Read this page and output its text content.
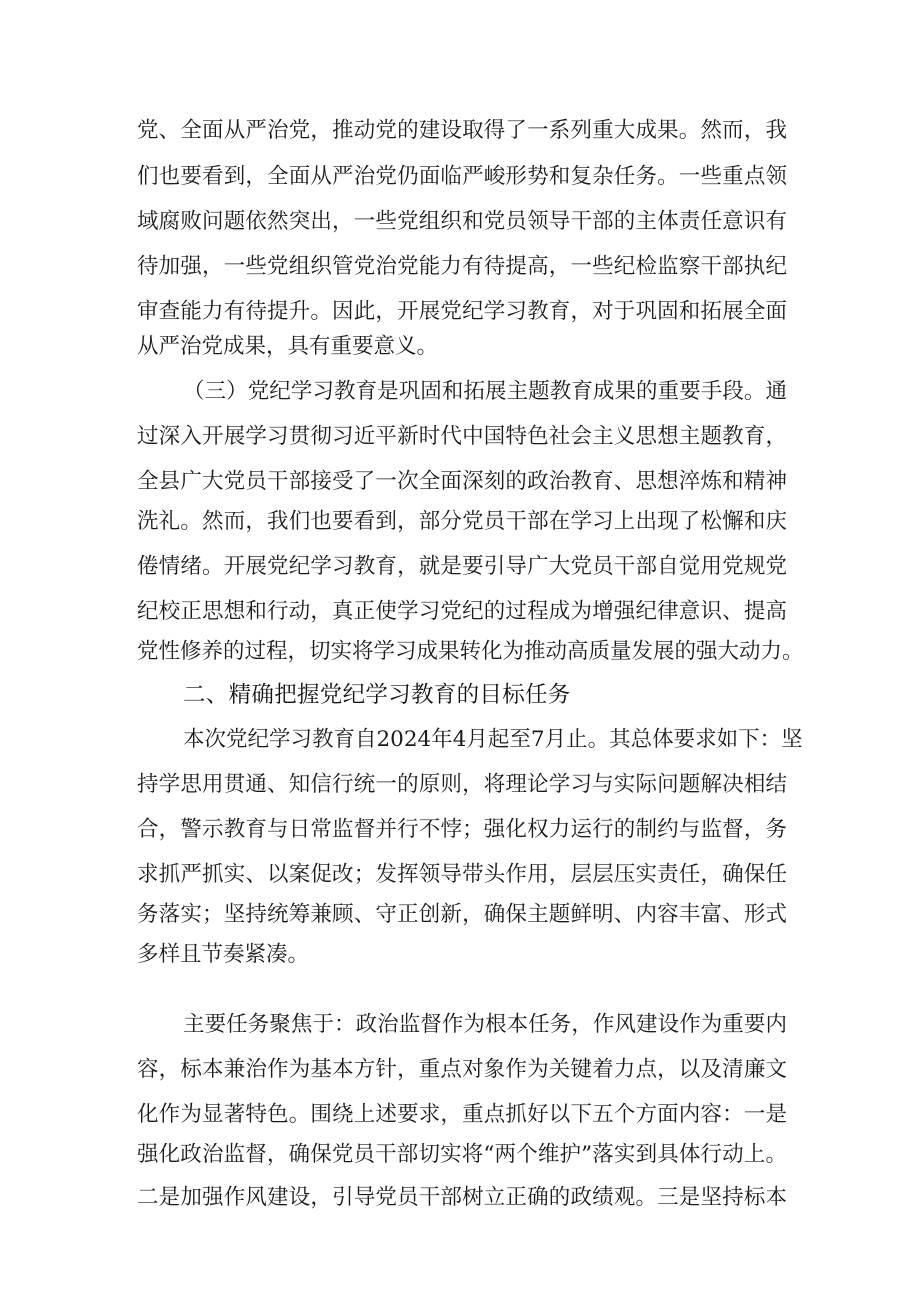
党、全面从严治党，推动党的建设取得了一系列重大成果。然而，我
们也要看到，全面从严治党仍面临严峻形势和复杂任务。一些重点领
域腐败问题依然突出，一些党组织和党员领导干部的主体责任意识有
待加强，一些党组织管党治党能力有待提高，一些纪检监察干部执纪
审查能力有待提升。因此，开展党纪学习教育，对于巩固和拓展全面
从严治党成果，具有重要意义。
（三）党纪学习教育是巩固和拓展主题教育成果的重要手段。通
过深入开展学习贯彻习近平新时代中国特色社会主义思想主题教育，
全县广大党员干部接受了一次全面深刻的政治教育、思想淬炼和精神
洗礼。然而，我们也要看到，部分党员干部在学习上出现了松懈和庆
倦情绪。开展党纪学习教育，就是要引导广大党员干部自觉用党规党
纪校正思想和行动，真正使学习党纪的过程成为增强纪律意识、提高
党性修养的过程，切实将学习成果转化为推动高质量发展的强大动力。
二、精确把握党纪学习教育的目标任务
本次党纪学习教育自2024年4月起至7月止。其总体要求如下：坚
持学思用贯通、知信行统一的原则，将理论学习与实际问题解决相结
合，警示教育与日常监督并行不悖；强化权力运行的制约与监督，务
求抓严抓实、以案促改；发挥领导带头作用，层层压实责任，确保任
务落实；坚持统筹兼顾、守正创新，确保主题鲜明、内容丰富、形式
多样且节奏紧凑。
主要任务聚焦于：政治监督作为根本任务，作风建设作为重要内
容，标本兼治作为基本方针，重点对象作为关键着力点，以及清廉文
化作为显著特色。围绕上述要求，重点抓好以下五个方面内容：一是
强化政治监督，确保党员干部切实将“两个维护”落实到具体行动上。
二是加强作风建设，引导党员干部树立正确的政绩观。三是坚持标本
